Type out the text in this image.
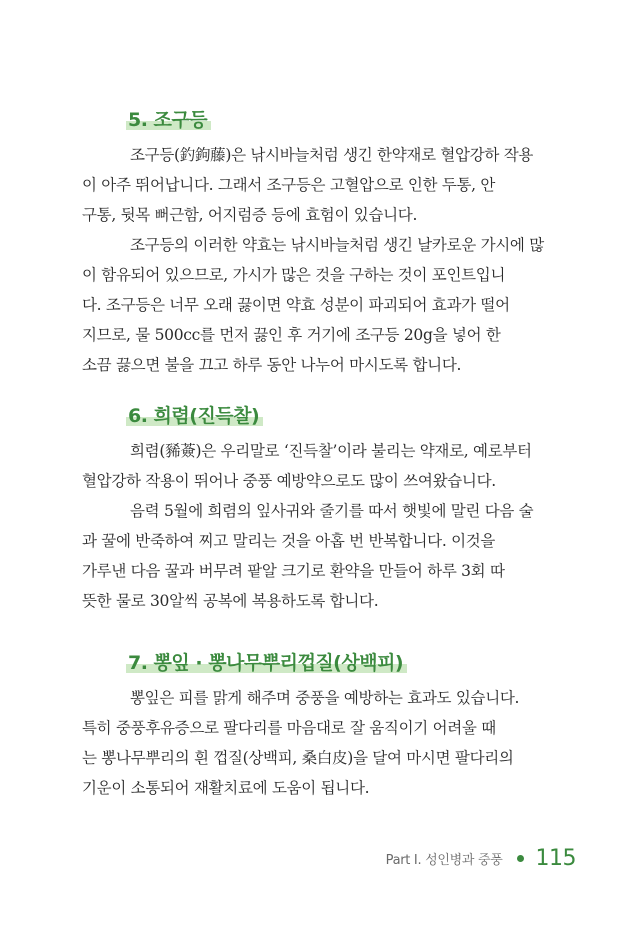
5. 조구등

조구등(釣鉤藤)은 낚시바늘처럼 생긴 한약재로 혈압강하 작용
이 아주 뛰어납니다. 그래서 조구등은 고혈압으로 인한 두통, 안
구통, 뒷목 뻐근함, 어지럼증 등에 효험이 있습니다.

조구등의 이러한 약효는 낚시바늘처럼 생긴 날카로운 가시에 많
이 함유되어 있으므로, 가시가 많은 것을 구하는 것이 포인트입니
다. 조구등은 너무 오래 끓이면 약효 성분이 파괴되어 효과가 떨어
지므로, 물 500cc를 먼저 끓인 후 거기에 조구등 20g을 넣어 한
소끔 끓으면 불을 끄고 하루 동안 나누어 마시도록 합니다.

6. 희렴(진득찰)

희렴(豨薟)은 우리말로 ‘진득찰’이라 불리는 약재로, 예로부터
혈압강하 작용이 뛰어나 중풍 예방약으로도 많이 쓰여왔습니다.

음력 5월에 희렴의 잎사귀와 줄기를 따서 햇빛에 말린 다음 술
과 꿀에 반죽하여 찌고 말리는 것을 아홉 번 반복합니다. 이것을
가루낸 다음 꿀과 버무려 팥알 크기로 환약을 만들어 하루 3회 따
뜻한 물로 30알씩 공복에 복용하도록 합니다.

7. 뽕잎 · 뽕나무뿌리껍질(상백피)

뽕잎은 피를 맑게 해주며 중풍을 예방하는 효과도 있습니다.
특히 중풍후유증으로 팔다리를 마음대로 잘 움직이기 어려울 때
는 뽕나무뿌리의 흰 껍질(상백피, 桑白皮)을 달여 마시면 팔다리의
기운이 소통되어 재활치료에 도움이 됩니다.

Part Ⅰ. 성인병과 중풍 115
